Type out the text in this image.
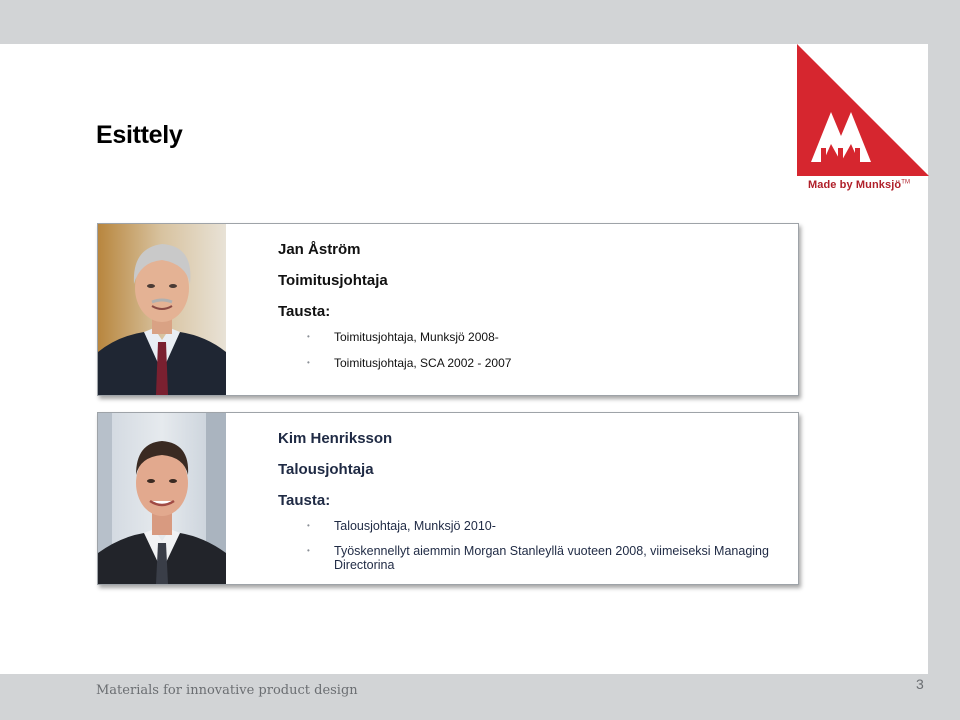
Esittely
Made by Munksjö™
Jan Åström
Toimitusjohtaja
Tausta:
• Toimitusjohtaja, Munksjö 2008-
• Toimitusjohtaja, SCA 2002 - 2007
Kim Henriksson
Talousjohtaja
Tausta:
• Talousjohtaja, Munksjö 2010-
• Työskennellyt aiemmin Morgan Stanleyllä vuoteen 2008, viimeiseksi Managing Directorina
Materials for innovative product design	3
